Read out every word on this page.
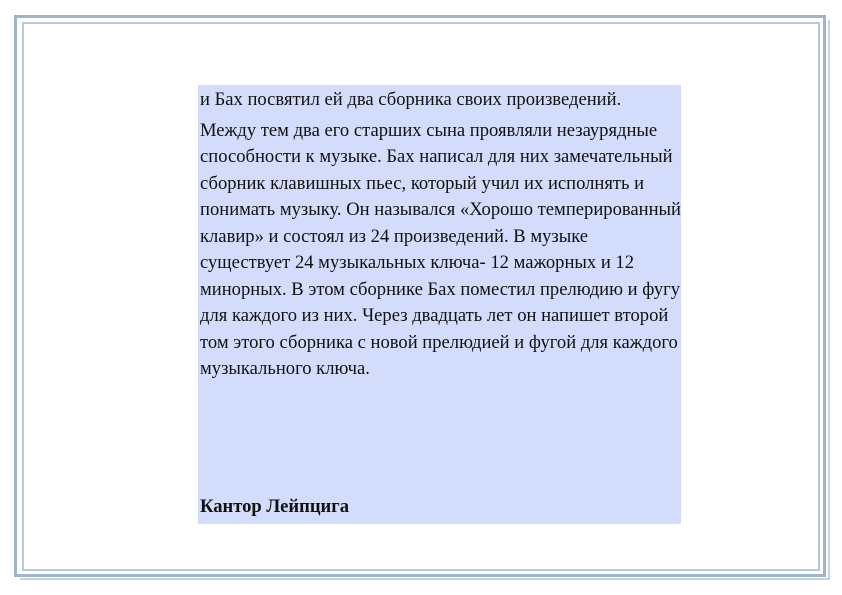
и Бах посвятил ей два сборника своих произведений.

Между тем два его старших сына проявляли незаурядные способности к музыке. Бах написал для них замечательный сборник клавишных пьес, который учил их исполнять и понимать музыку. Он назывался «Хорошо темперированный клавир» и состоял из 24 произведений. В музыке существует 24 музыкальных ключа- 12 мажорных и 12 минорных. В этом сборнике Бах поместил прелюдию и фугу для каждого из них. Через двадцать лет он напишет второй том этого сборника с новой прелюдией и фугой для каждого музыкального ключа.

Кантор Лейпцига
